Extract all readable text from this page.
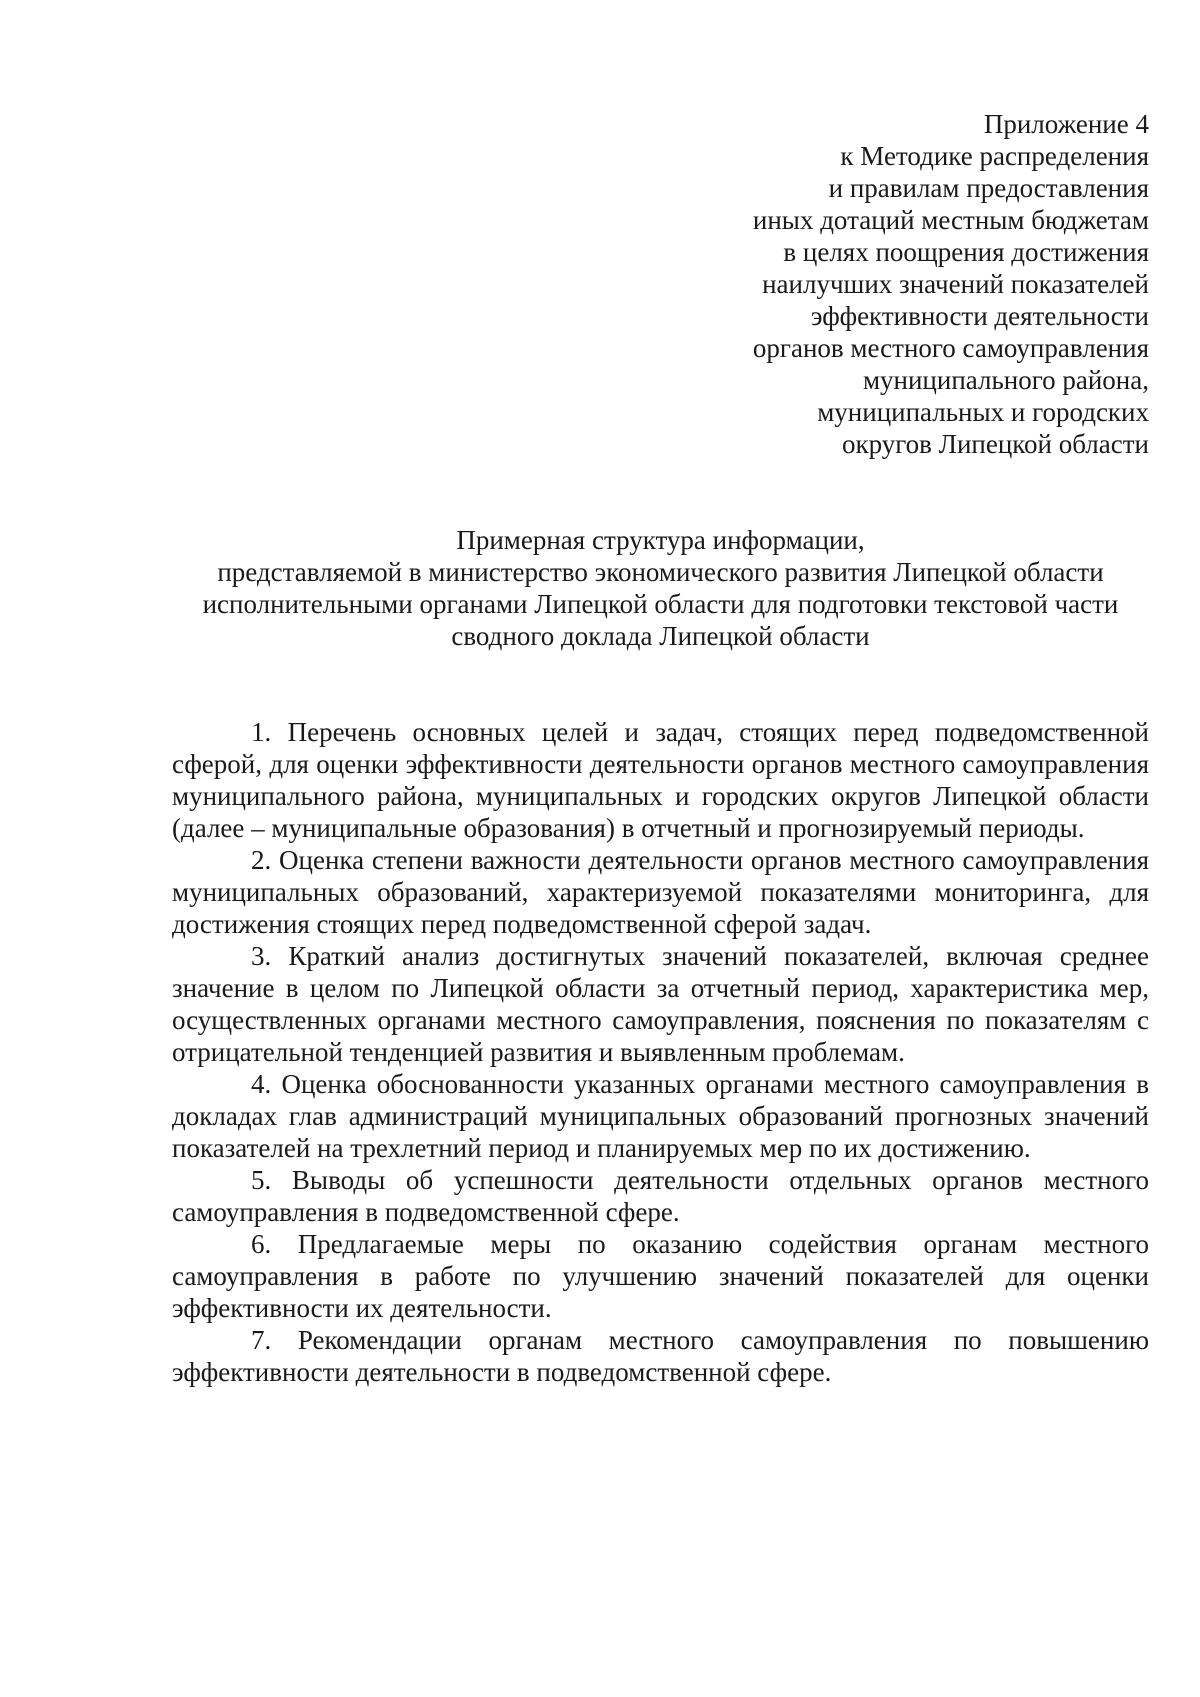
Приложение 4
к Методике распределения
и правилам предоставления
иных дотаций местным бюджетам
в целях поощрения достижения
наилучших значений показателей
эффективности деятельности
органов местного самоуправления
муниципального района,
муниципальных и городских
округов Липецкой области
Примерная структура информации,
представляемой в министерство экономического развития Липецкой области
исполнительными органами Липецкой области для подготовки текстовой части
сводного доклада Липецкой области

1. Перечень основных целей и задач, стоящих перед подведомственной сферой, для оценки эффективности деятельности органов местного самоуправления муниципального района, муниципальных и городских округов Липецкой области (далее – муниципальные образования) в отчетный и прогнозируемый периоды.

2. Оценка степени важности деятельности органов местного самоуправления муниципальных образований, характеризуемой показателями мониторинга, для достижения стоящих перед подведомственной сферой задач.

3. Краткий анализ достигнутых значений показателей, включая среднее значение в целом по Липецкой области за отчетный период, характеристика мер, осуществленных органами местного самоуправления, пояснения по показателям с отрицательной тенденцией развития и выявленным проблемам.

4. Оценка обоснованности указанных органами местного самоуправления в докладах глав администраций муниципальных образований прогнозных значений показателей на трехлетний период и планируемых мер по их достижению.

5. Выводы об успешности деятельности отдельных органов местного самоуправления в подведомственной сфере.

6. Предлагаемые меры по оказанию содействия органам местного самоуправления в работе по улучшению значений показателей для оценки эффективности их деятельности.

7. Рекомендации органам местного самоуправления по повышению эффективности деятельности в подведомственной сфере.
